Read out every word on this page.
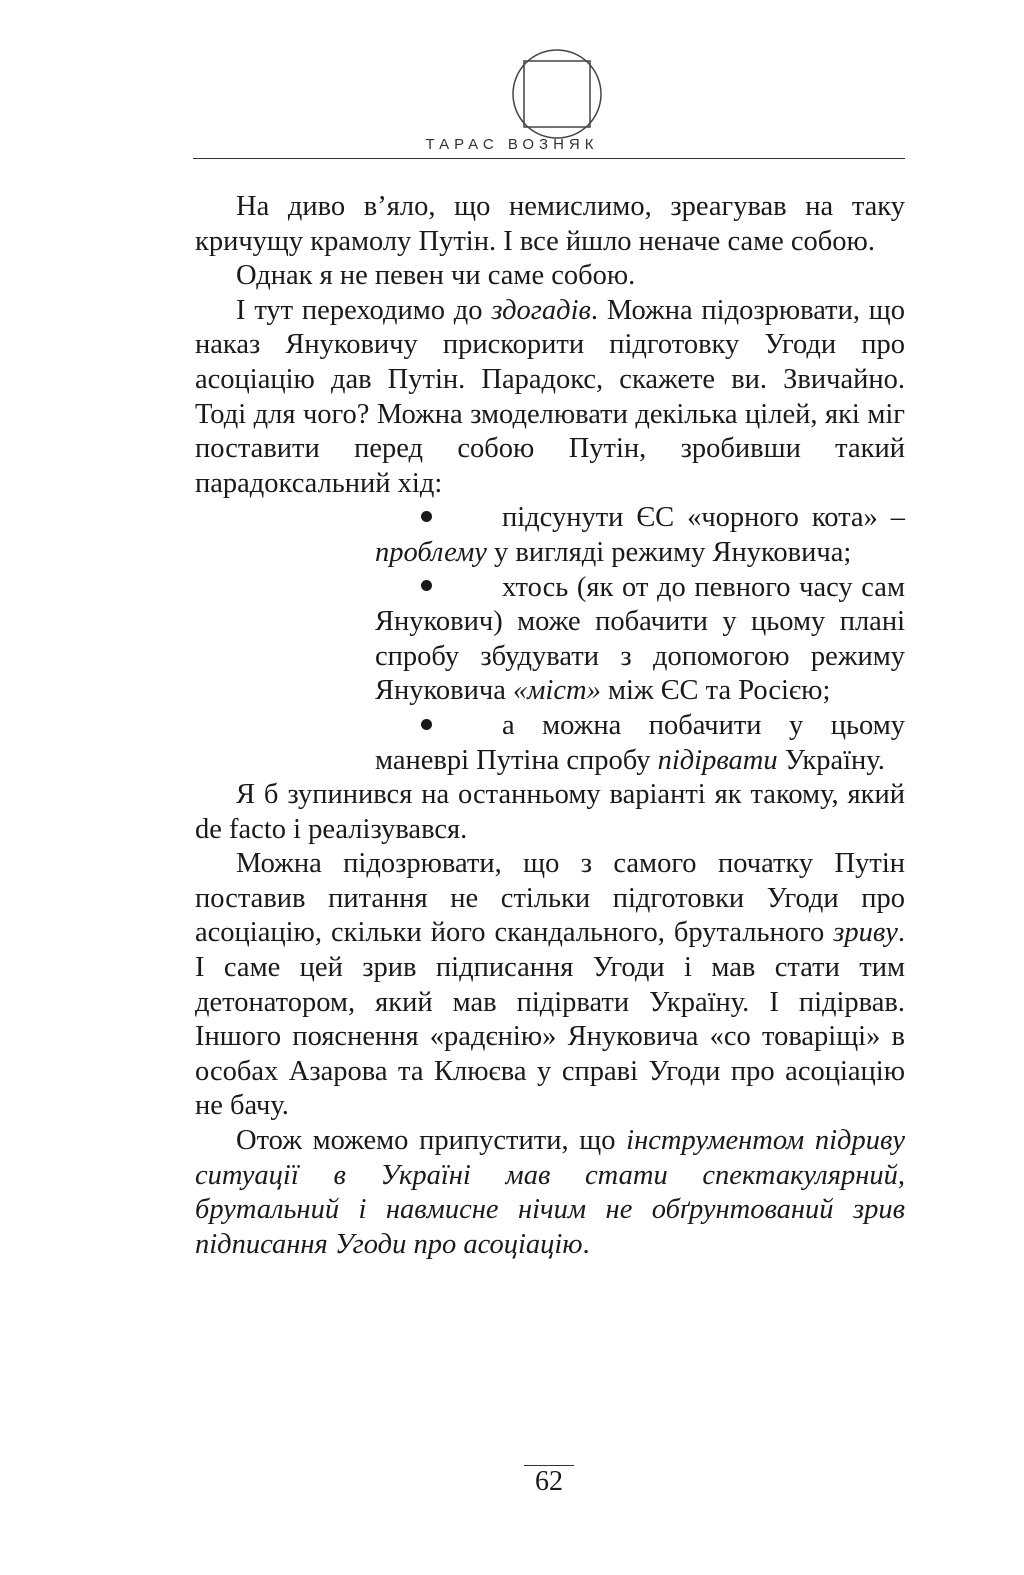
ТАРАС ВОЗНЯК

На диво в’яло, що немислимо, зреагував на таку кричущу крамолу Путін. І все йшло неначе саме собою.

Однак я не певен чи саме собою.

І тут переходимо до здогадів. Можна підозрювати, що наказ Януковичу прискорити підготовку Угоди про асоціацію дав Путін. Парадокс, скажете ви. Звичайно. Тоді для чого? Можна змоделювати декілька цілей, які міг поставити перед собою Путін, зробивши такий парадоксальний хід:

підсунути ЄС «чорного кота» – проблему у вигляді режиму Януковича;
хтось (як от до певного часу сам Янукович) може побачити у цьому плані спробу збудувати з допомогою режиму Януковича «міст» між ЄС та Росією;
а можна побачити у цьому маневрі Путіна спробу підірвати Україну.

Я б зупинився на останньому варіанті як такому, який de facto і реалізувався.

Можна підозрювати, що з самого початку Путін поставив питання не стільки підготовки Угоди про асоціацію, скільки його скандального, брутального зриву. І саме цей зрив підписання Угоди і мав стати тим детонатором, який мав підірвати Україну. І підірвав. Іншого пояснення «радєнію» Януковича «со товаріщі» в особах Азарова та Клюєва у справі Угоди про асоціацію не бачу.

Отож можемо припустити, що інструментом підриву ситуації в Україні мав стати спектакулярний, брутальний і навмисне нічим не обґрунтований зрив підписання Угоди про асоціацію.

62
